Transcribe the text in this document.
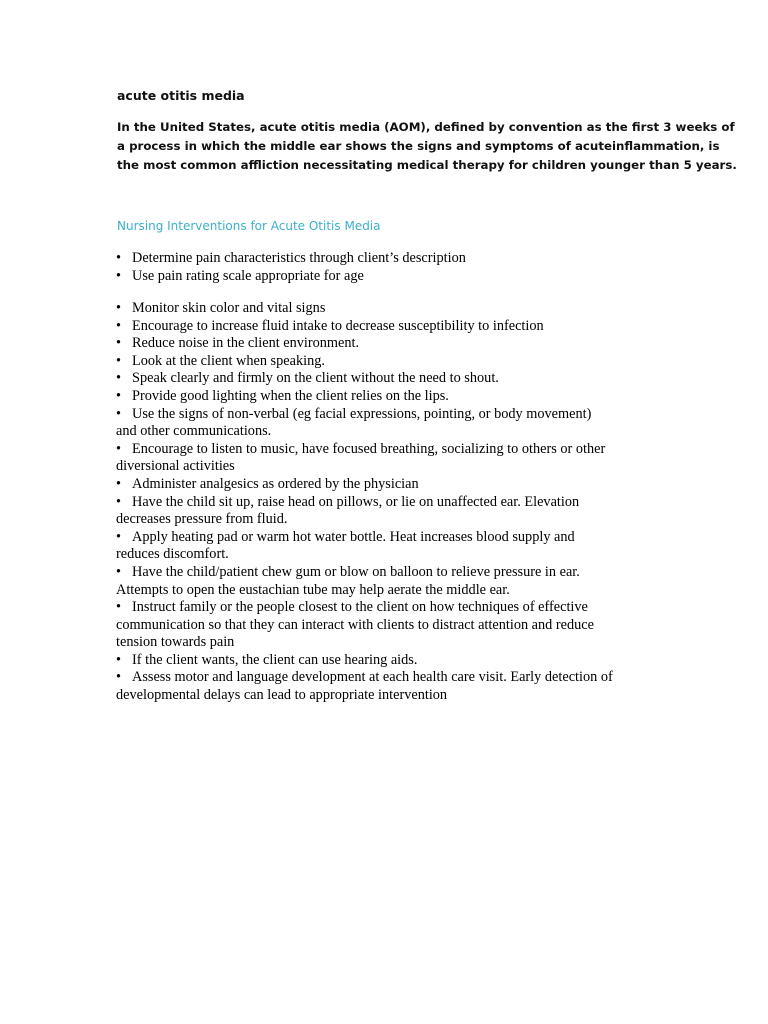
acute otitis media
In the United States, acute otitis media (AOM), defined by convention as the first 3 weeks of
a process in which the middle ear shows the signs and symptoms of acuteinflammation, is
the most common affliction necessitating medical therapy for children younger than 5 years.
Nursing Interventions for Acute Otitis Media
• Determine pain characteristics through client’s description
• Use pain rating scale appropriate for age
• Monitor skin color and vital signs
• Encourage to increase fluid intake to decrease susceptibility to infection
• Reduce noise in the client environment.
• Look at the client when speaking.
• Speak clearly and firmly on the client without the need to shout.
• Provide good lighting when the client relies on the lips.
• Use the signs of non-verbal (eg facial expressions, pointing, or body movement)
and other communications.
• Encourage to listen to music, have focused breathing, socializing to others or other
diversional activities
• Administer analgesics as ordered by the physician
• Have the child sit up, raise head on pillows, or lie on unaffected ear. Elevation
decreases pressure from fluid.
• Apply heating pad or warm hot water bottle. Heat increases blood supply and
reduces discomfort.
• Have the child/patient chew gum or blow on balloon to relieve pressure in ear.
Attempts to open the eustachian tube may help aerate the middle ear.
• Instruct family or the people closest to the client on how techniques of effective
communication so that they can interact with clients to distract attention and reduce
tension towards pain
• If the client wants, the client can use hearing aids.
• Assess motor and language development at each health care visit. Early detection of
developmental delays can lead to appropriate intervention
